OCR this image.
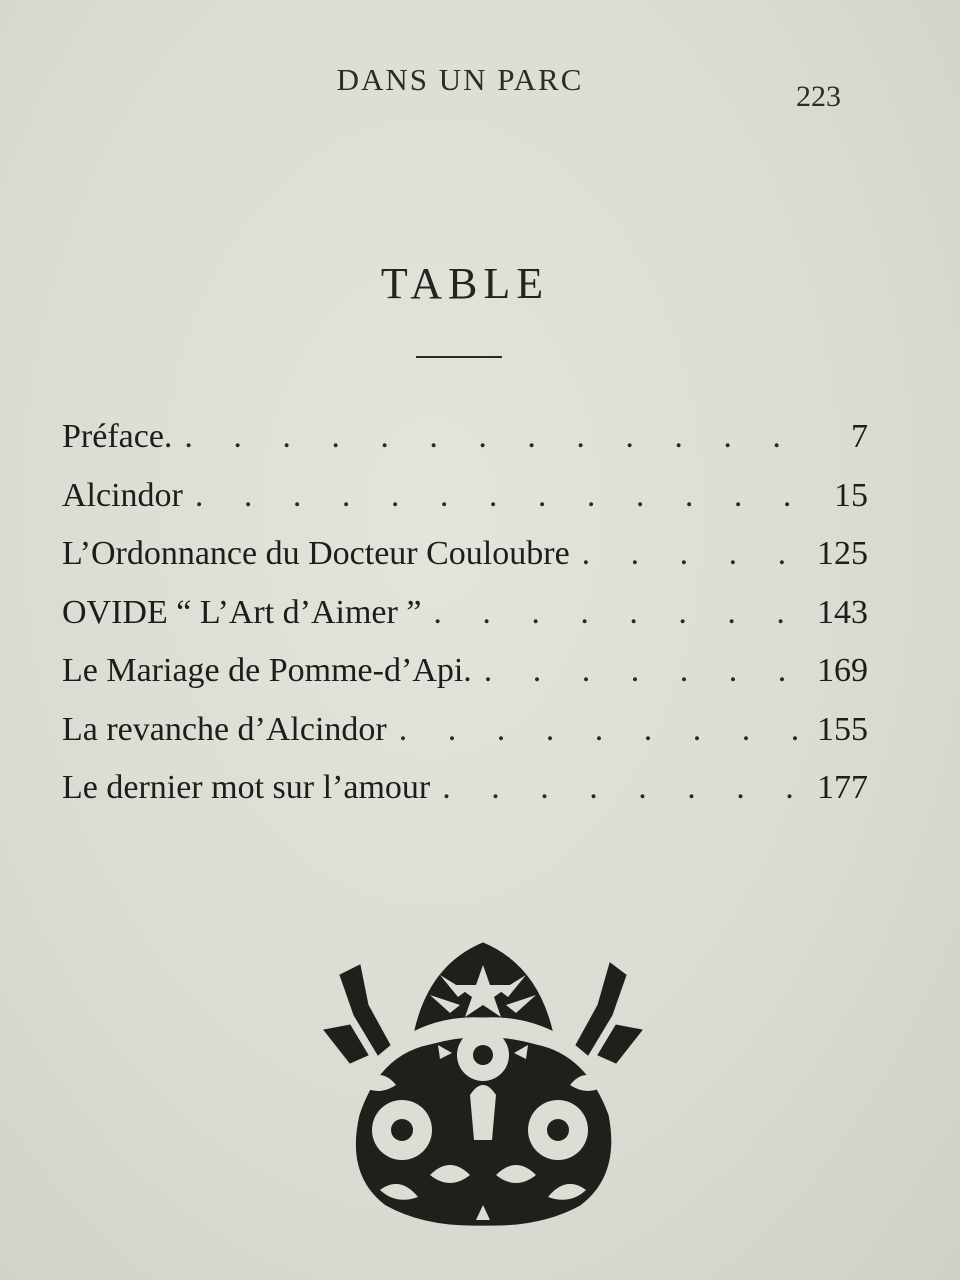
DANS UN PARC	223
TABLE
Préface. . . .	7
Alcindor . . .	15
L’Ordonnance du Docteur Couloubre . . .	125
OVIDE “ L’Art d’Aimer ” . . .	143
Le Mariage de Pomme-d’Api. . . .	169
La revanche d’Alcindor . . .	155
Le dernier mot sur l’amour . . .	177
